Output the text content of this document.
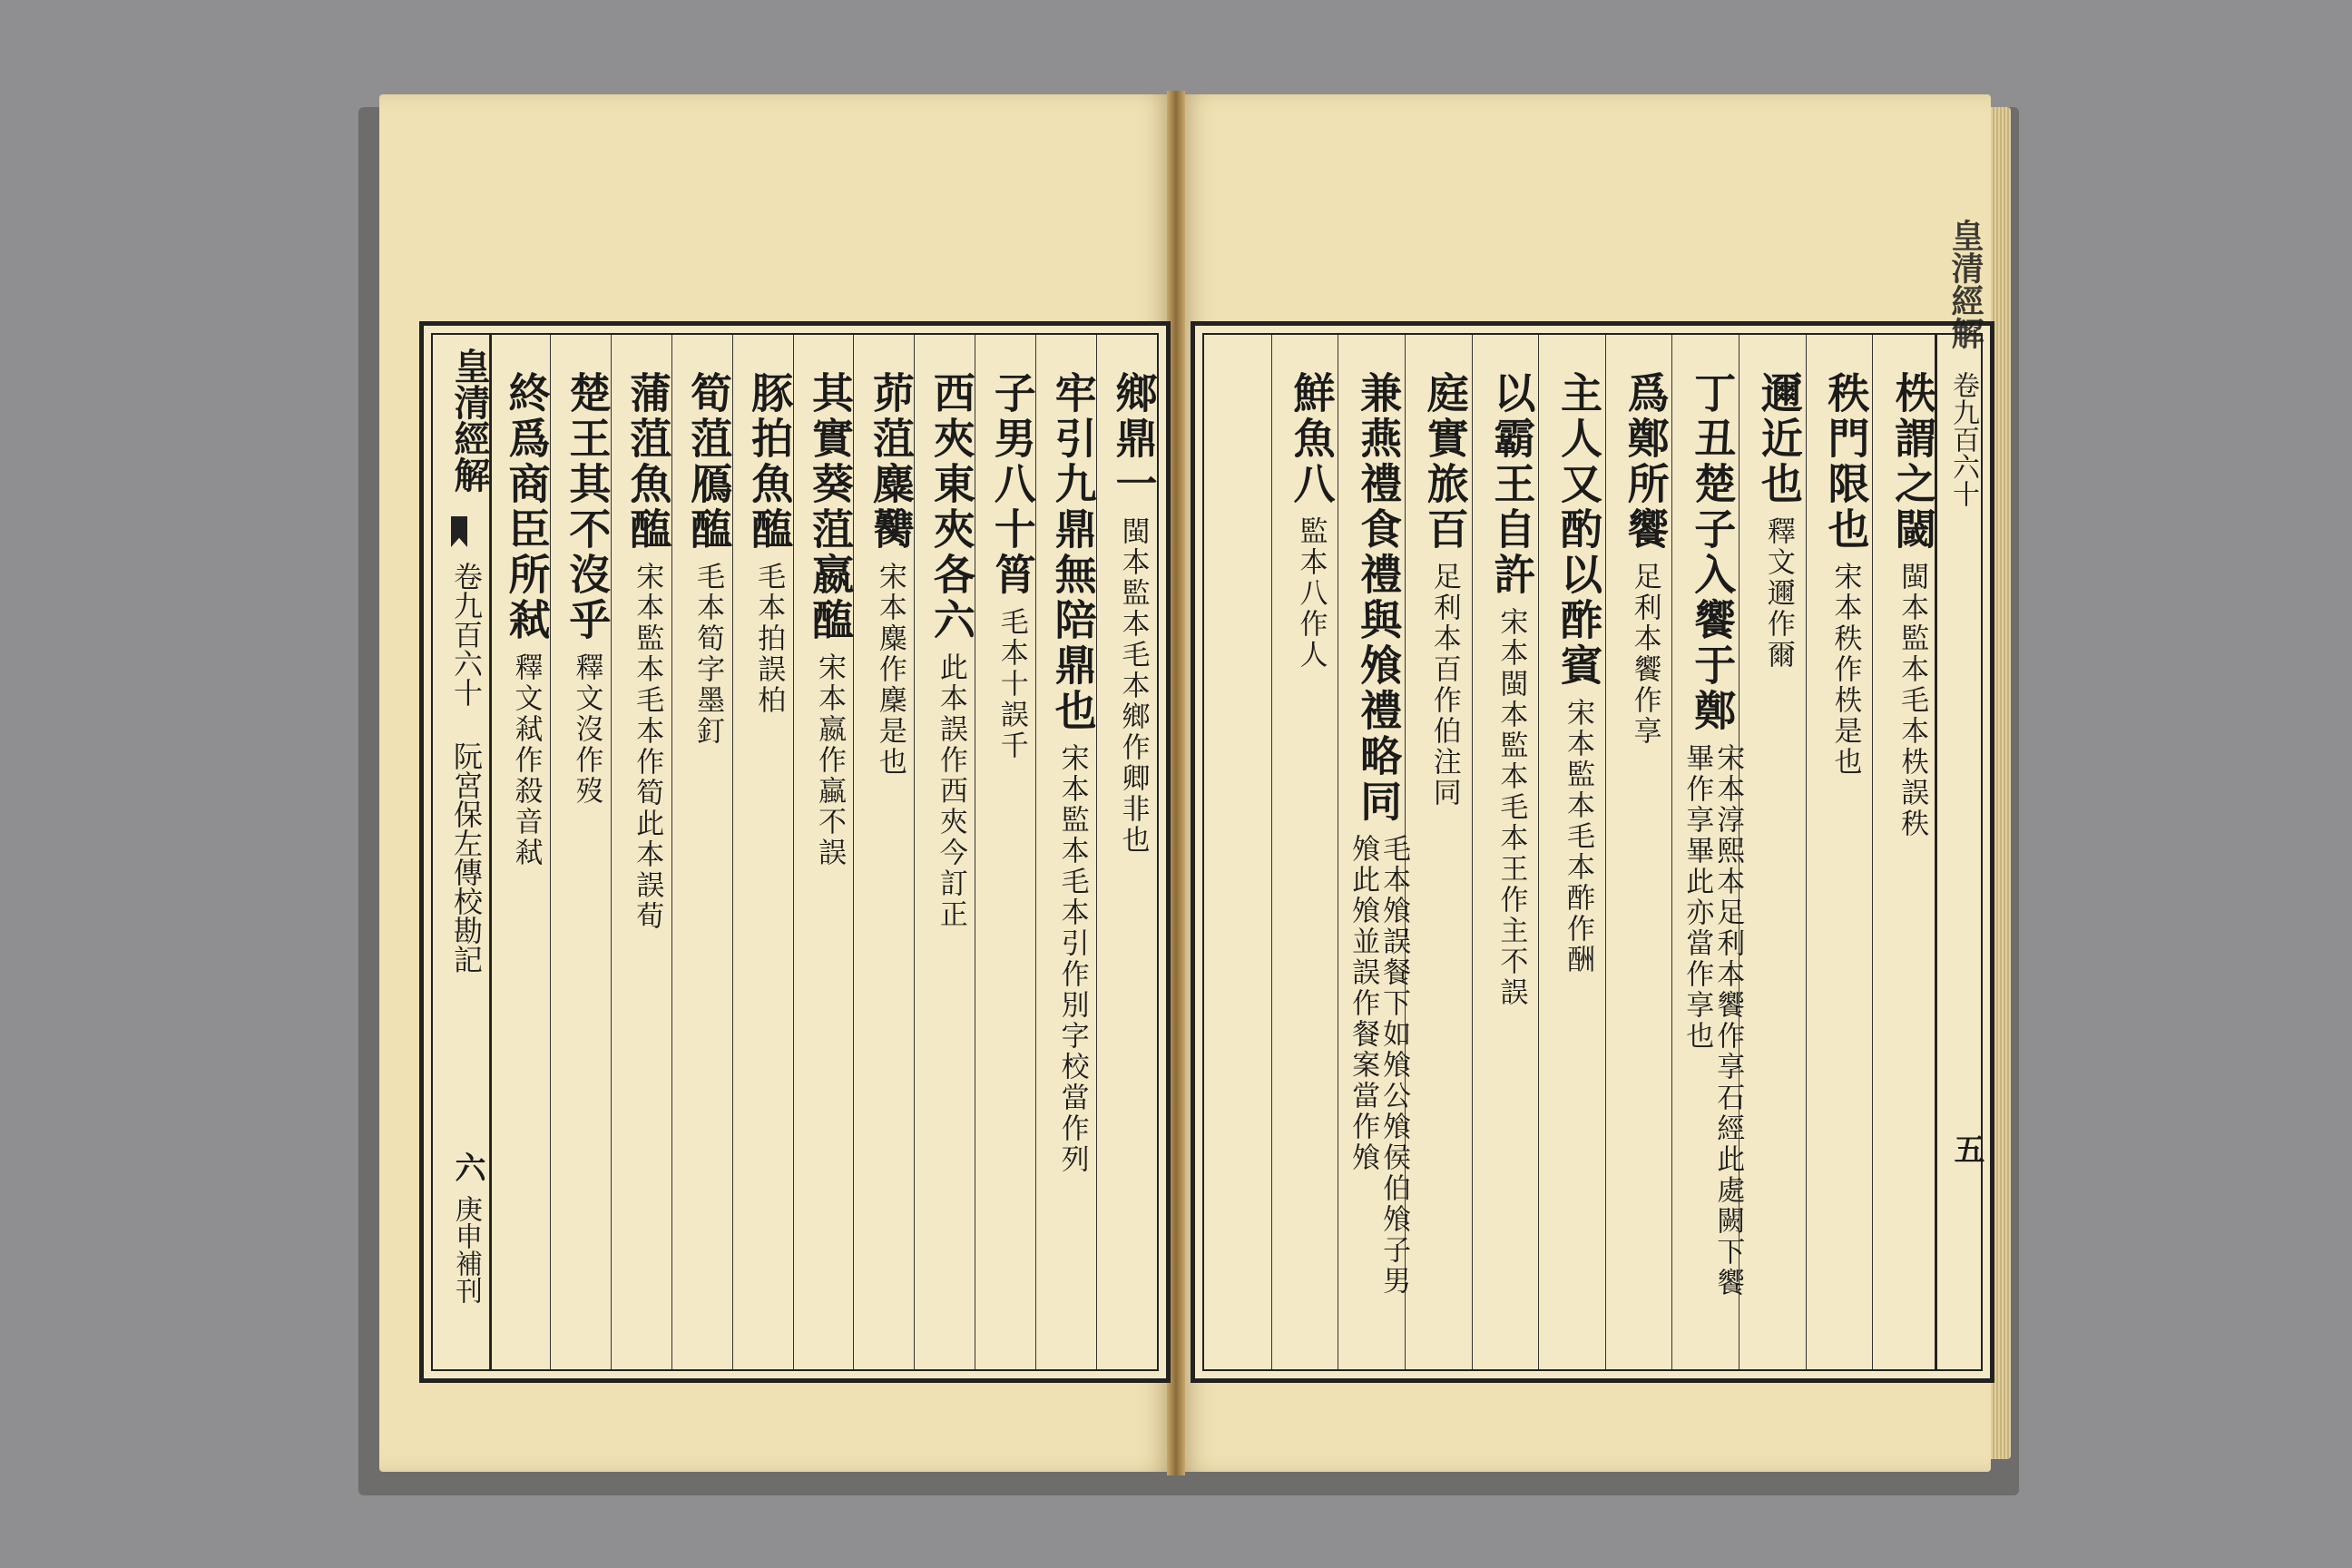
皇清經解
卷九百六十 阮宮保左傳校勘記
六
庚申補刊
鄉鼎一
閩本監本毛本鄉作卿非也
牢引九鼎無陪鼎也
宋本監本毛本引作別字校當作列
子男八十筲
毛本十誤千
西夾東夾各六
此本誤作西夾今訂正
茆菹麋臡
宋本麋作麇是也
其實葵菹嬴醢
宋本嬴作蠃不誤
豚拍魚醢
毛本拍誤柏
筍菹鴈醢
毛本筍字墨釘
蒲菹魚醢
宋本監本毛本作筍此本誤荀
楚王其不沒乎
釋文沒作歿
終爲商臣所弒
釋文弒作殺音弒
皇清經解
卷九百六十
五
柣謂之閾
閩本監本毛本柣誤秩
秩門限也
宋本秩作柣是也
邇近也
釋文邇作爾
丁丑楚子入饗于鄭
宋本淳熙本足利本饗作享石經此處闕下饗
畢作享畢此亦當作享也
爲鄭所饗
足利本饗作享
主人又酌以酢賓
宋本監本毛本酢作酬
以霸王自許
宋本閩本監本毛本王作主不誤
庭實旅百
足利本百作伯注同
兼燕禮食禮與飧禮略同
毛本飧誤餐下如飧公飧侯伯飧子男
飧此飧並誤作餐案當作飧
鮮魚八
監本八作人
